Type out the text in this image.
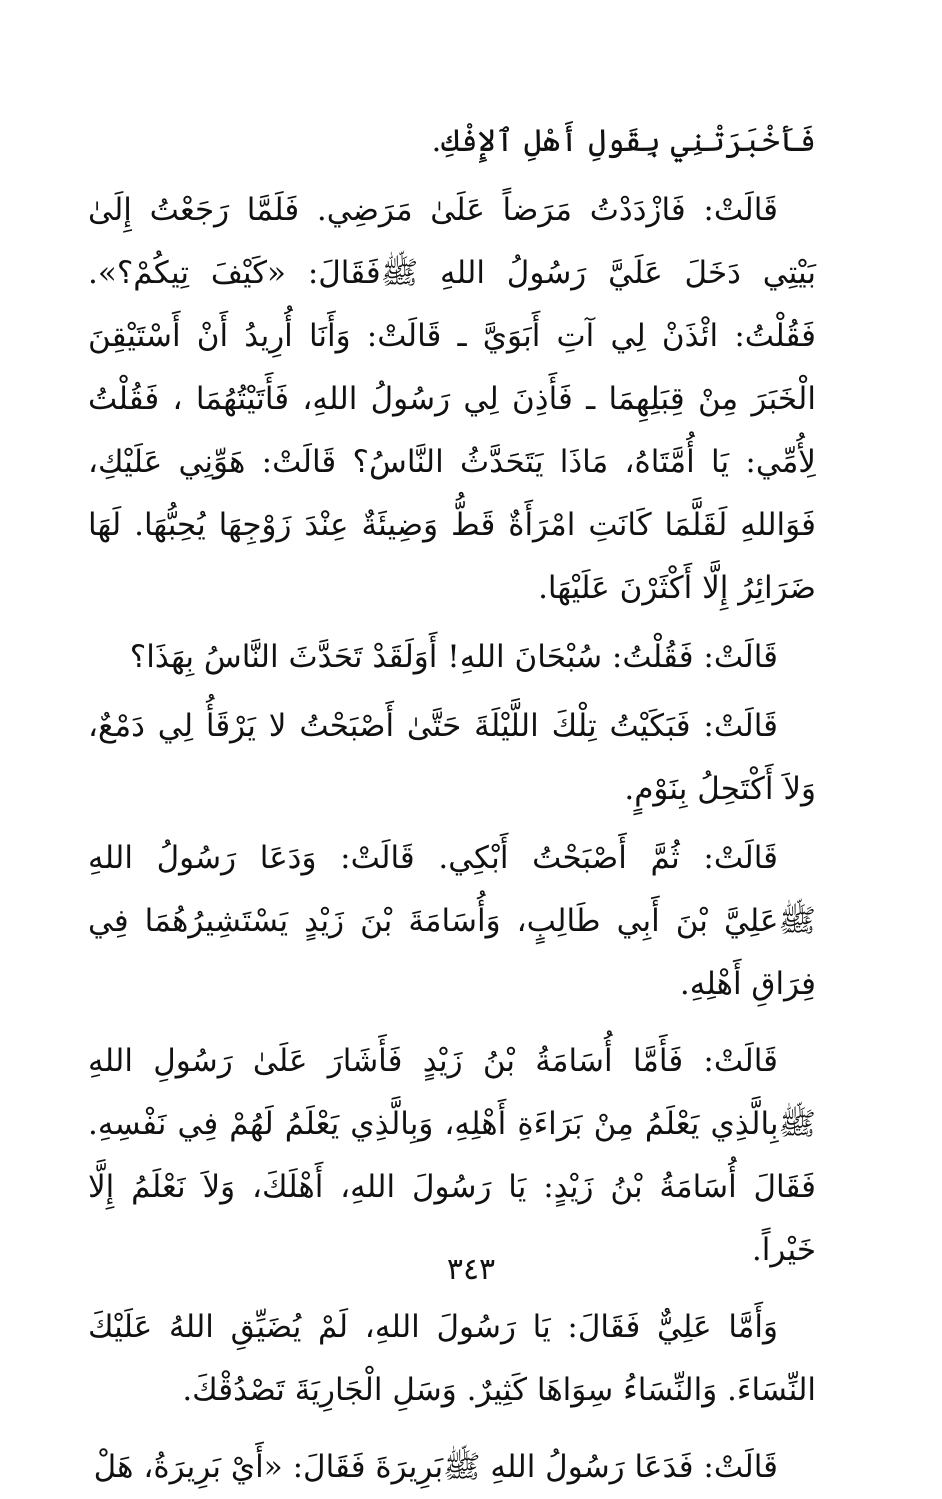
فَأَخْبَرَتْنِي بِقَولِ أَهْلِ ٱلإِفْكِ.

قَالَتْ: فَازْدَدْتُ مَرَضاً عَلَىٰ مَرَضِي. فَلَمَّا رَجَعْتُ إِلَىٰ بَيْتِي دَخَلَ عَلَيَّ رَسُولُ اللهِ ﷺفَقَالَ: «كَيْفَ تِيكُمْ؟». فَقُلْتُ: ائْذَنْ لِي آتِ أَبَوَيَّ ـ قَالَتْ: وَأَنَا أُرِيدُ أَنْ أَسْتَيْقِنَ الْخَبَرَ مِنْ قِبَلِهِمَا ـ فَأَذِنَ لِي رَسُولُ اللهِ، فَأَتَيْتُهُمَا ، فَقُلْتُ لِأُمِّي: يَا أُمَّتَاهُ، مَاذَا يَتَحَدَّثُ النَّاسُ؟ قَالَتْ: هَوِّنِي عَلَيْكِ، فَوَاللهِ لَقَلَّمَا كَانَتِ امْرَأَةٌ قَطُّ وَضِيئَةٌ عِنْدَ زَوْجِهَا يُحِبُّهَا. لَهَا ضَرَائِرُ إِلَّا أَكْثَرْنَ عَلَيْهَا.

قَالَتْ: فَقُلْتُ: سُبْحَانَ اللهِ! أَوَلَقَدْ تَحَدَّثَ النَّاسُ بِهَذَا؟

قَالَتْ: فَبَكَيْتُ تِلْكَ اللَّيْلَةَ حَتَّىٰ أَصْبَحْتُ لا يَرْقَأُ لِي دَمْعٌ، وَلاَ أَكْتَحِلُ بِنَوْمٍ.

قَالَتْ: ثُمَّ أَصْبَحْتُ أَبْكِي. قَالَتْ: وَدَعَا رَسُولُ اللهِ ﷺعَلِيَّ بْنَ أَبِي طَالِبٍ، وَأُسَامَةَ بْنَ زَيْدٍ يَسْتَشِيرُهُمَا فِي فِرَاقِ أَهْلِهِ.

قَالَتْ: فَأَمَّا أُسَامَةُ بْنُ زَيْدٍ فَأَشَارَ عَلَىٰ رَسُولِ اللهِ ﷺبِالَّذِي يَعْلَمُ مِنْ بَرَاءَةِ أَهْلِهِ، وَبِالَّذِي يَعْلَمُ لَهُمْ فِي نَفْسِهِ. فَقَالَ أُسَامَةُ بْنُ زَيْدٍ: يَا رَسُولَ اللهِ، أَهْلَكَ، وَلاَ نَعْلَمُ إِلَّا خَيْراً.

وَأَمَّا عَلِيٌّ فَقَالَ: يَا رَسُولَ اللهِ، لَمْ يُضَيِّقِ اللهُ عَلَيْكَ النِّسَاءَ. وَالنِّسَاءُ سِوَاهَا كَثِيرٌ. وَسَلِ الْجَارِيَةَ تَصْدُقْكَ.

قَالَتْ: فَدَعَا رَسُولُ اللهِ ﷺبَرِيرَةَ فَقَالَ: «أَيْ بَرِيرَةُ، هَلْ

٣٤٣
